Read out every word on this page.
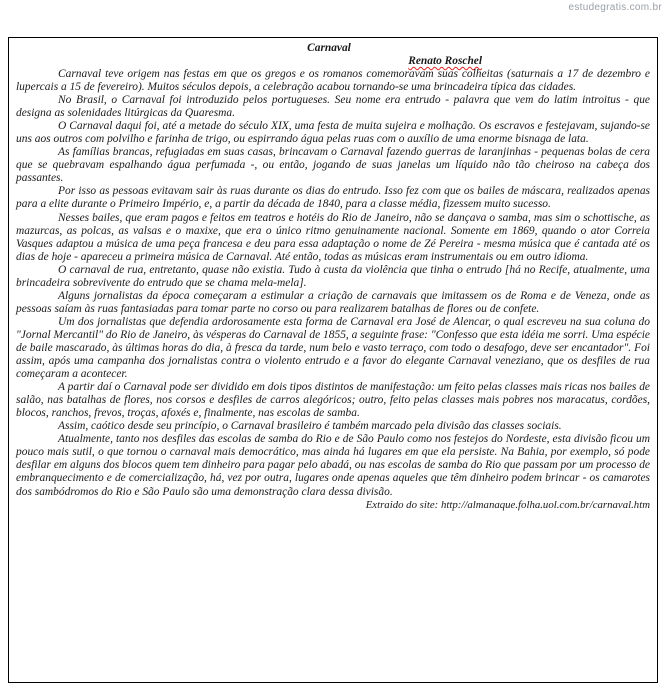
estudegratis.com.br
Carnaval
Renato Roschel

Carnaval teve origem nas festas em que os gregos e os romanos comemoravam suas colheitas (saturnais a 17 de dezembro e lupercais a 15 de fevereiro). Muitos séculos depois, a celebração acabou tornando-se uma brincadeira típica das cidades.

No Brasil, o Carnaval foi introduzido pelos portugueses. Seu nome era entrudo - palavra que vem do latim introitus - que designa as solenidades litúrgicas da Quaresma.

O Carnaval daqui foi, até a metade do século XIX, uma festa de muita sujeira e molhação. Os escravos e festejavam, sujando-se uns aos outros com polvilho e farinha de trigo, ou espirrando água pelas ruas com o auxílio de uma enorme bisnaga de lata.

As famílias brancas, refugiadas em suas casas, brincavam o Carnaval fazendo guerras de laranjinhas - pequenas bolas de cera que se quebravam espalhando água perfumada -, ou então, jogando de suas janelas um líquido não tão cheiroso na cabeça dos passantes.

Por isso as pessoas evitavam sair às ruas durante os dias do entrudo. Isso fez com que os bailes de máscara, realizados apenas para a elite durante o Primeiro Império, e, a partir da década de 1840, para a classe média, fizessem muito sucesso.

Nesses bailes, que eram pagos e feitos em teatros e hotéis do Rio de Janeiro, não se dançava o samba, mas sim o schottische, as mazurcas, as polcas, as valsas e o maxixe, que era o único ritmo genuinamente nacional. Somente em 1869, quando o ator Correia Vasques adaptou a música de uma peça francesa e deu para essa adaptação o nome de Zé Pereira - mesma música que é cantada até os dias de hoje - apareceu a primeira música de Carnaval. Até então, todas as músicas eram instrumentais ou em outro idioma.

O carnaval de rua, entretanto, quase não existia. Tudo à custa da violência que tinha o entrudo [há no Recife, atualmente, uma brincadeira sobrevivente do entrudo que se chama mela-mela].

Alguns jornalistas da época começaram a estimular a criação de carnavais que imitassem os de Roma e de Veneza, onde as pessoas saíam às ruas fantasiadas para tomar parte no corso ou para realizarem batalhas de flores ou de confete.

Um dos jornalistas que defendia ardorosamente esta forma de Carnaval era José de Alencar, o qual escreveu na sua coluna do "Jornal Mercantil" do Rio de Janeiro, às vésperas do Carnaval de 1855, a seguinte frase: "Confesso que esta idéia me sorri. Uma espécie de baile mascarado, às últimas horas do dia, à fresca da tarde, num belo e vasto terraço, com todo o desafogo, deve ser encantador". Foi assim, após uma campanha dos jornalistas contra o violento entrudo e a favor do elegante Carnaval veneziano, que os desfiles de rua começaram a acontecer.

A partir daí o Carnaval pode ser dividido em dois tipos distintos de manifestação: um feito pelas classes mais ricas nos bailes de salão, nas batalhas de flores, nos corsos e desfiles de carros alegóricos; outro, feito pelas classes mais pobres nos maracatus, cordões, blocos, ranchos, frevos, troças, afoxés e, finalmente, nas escolas de samba.

Assim, caótico desde seu princípio, o Carnaval brasileiro é também marcado pela divisão das classes sociais.

Atualmente, tanto nos desfiles das escolas de samba do Rio e de São Paulo como nos festejos do Nordeste, esta divisão ficou um pouco mais sutil, o que tornou o carnaval mais democrático, mas ainda há lugares em que ela persiste. Na Bahia, por exemplo, só pode desfilar em alguns dos blocos quem tem dinheiro para pagar pelo abadá, ou nas escolas de samba do Rio que passam por um processo de embranquecimento e de comercialização, há, vez por outra, lugares onde apenas aqueles que têm dinheiro podem brincar - os camarotes dos sambódromos do Rio e São Paulo são uma demonstração clara dessa divisão.

Extraido do site: http://almanaque.folha.uol.com.br/carnaval.htm
